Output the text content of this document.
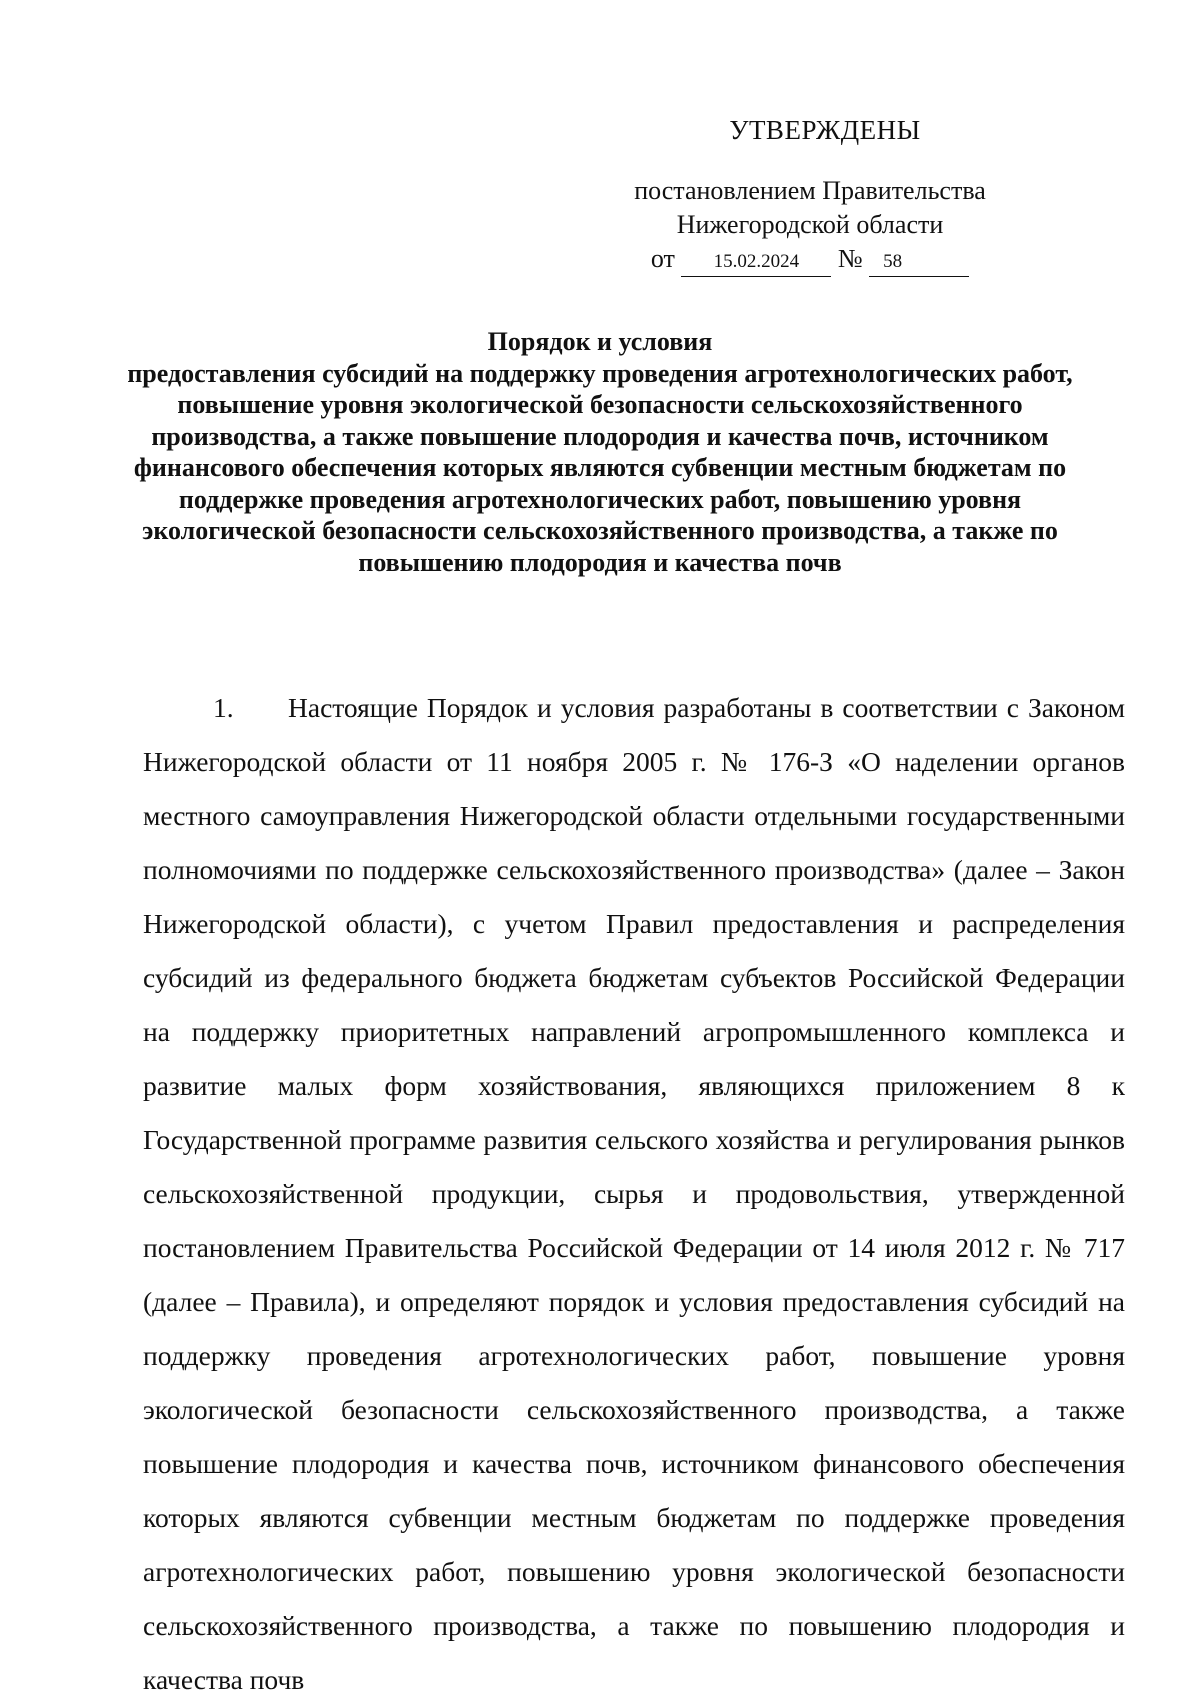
УТВЕРЖДЕНЫ
постановлением Правительства
Нижегородской области
от 15.02.2024 № 58
Порядок и условия
предоставления субсидий на поддержку проведения агротехнологических работ, повышение уровня экологической безопасности сельскохозяйственного производства, а также повышение плодородия и качества почв, источником финансового обеспечения которых являются субвенции местным бюджетам по поддержке проведения агротехнологических работ, повышению уровня экологической безопасности сельскохозяйственного производства, а также по повышению плодородия и качества почв
1. Настоящие Порядок и условия разработаны в соответствии с Законом Нижегородской области от 11 ноября 2005 г. № 176-З «О наделении органов местного самоуправления Нижегородской области отдельными государственными полномочиями по поддержке сельскохозяйственного производства» (далее – Закон Нижегородской области), с учетом Правил предоставления и распределения субсидий из федерального бюджета бюджетам субъектов Российской Федерации на поддержку приоритетных направлений агропромышленного комплекса и развитие малых форм хозяйствования, являющихся приложением 8 к Государственной программе развития сельского хозяйства и регулирования рынков сельскохозяйственной продукции, сырья и продовольствия, утвержденной постановлением Правительства Российской Федерации от 14 июля 2012 г. № 717 (далее – Правила), и определяют порядок и условия предоставления субсидий на поддержку проведения агротехнологических работ, повышение уровня экологической безопасности сельскохозяйственного производства, а также повышение плодородия и качества почв, источником финансового обеспечения которых являются субвенции местным бюджетам по поддержке проведения агротехнологических работ, повышению уровня экологической безопасности сельскохозяйственного производства, а также по повышению плодородия и качества почв
